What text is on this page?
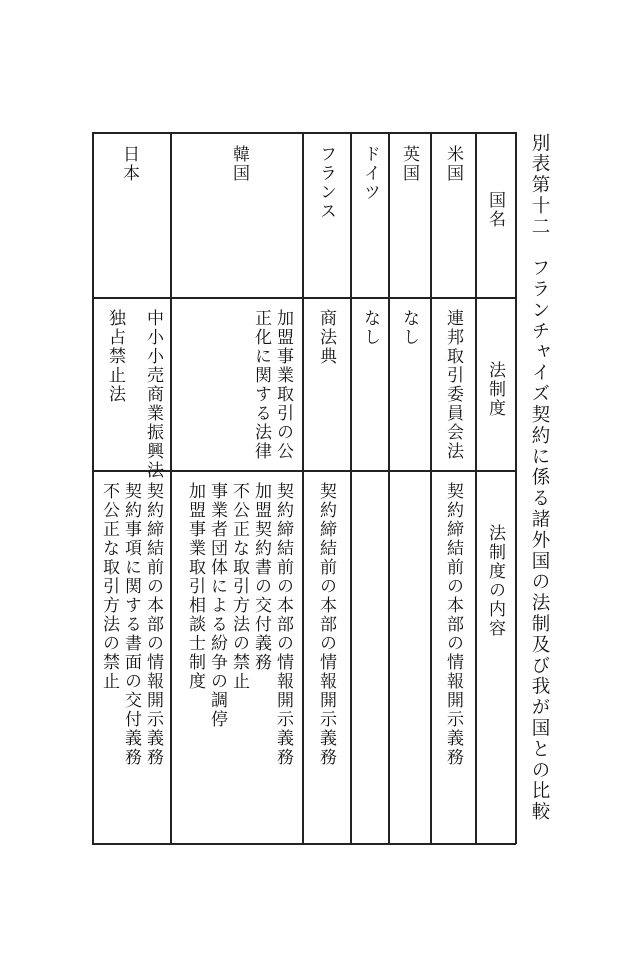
別表第十二　フランチャイズ契約に係る諸外国の法制及び我が国との比較

国名

法制度

法制度の内容

米国

連邦取引委員会法

契約締結前の本部の情報開示義務

英国

なし

ドイツ

なし

フランス

商法典

契約締結前の本部の情報開示義務

韓国

加盟事業取引の公

正化に関する法律

契約締結前の本部の情報開示義務

加盟契約書の交付義務

不公正な取引方法の禁止

事業者団体による紛争の調停

加盟事業取引相談士制度

日本

中小小売商業振興法

独占禁止法

契約締結前の本部の情報開示義務

契約事項に関する書面の交付義務

不公正な取引方法の禁止
